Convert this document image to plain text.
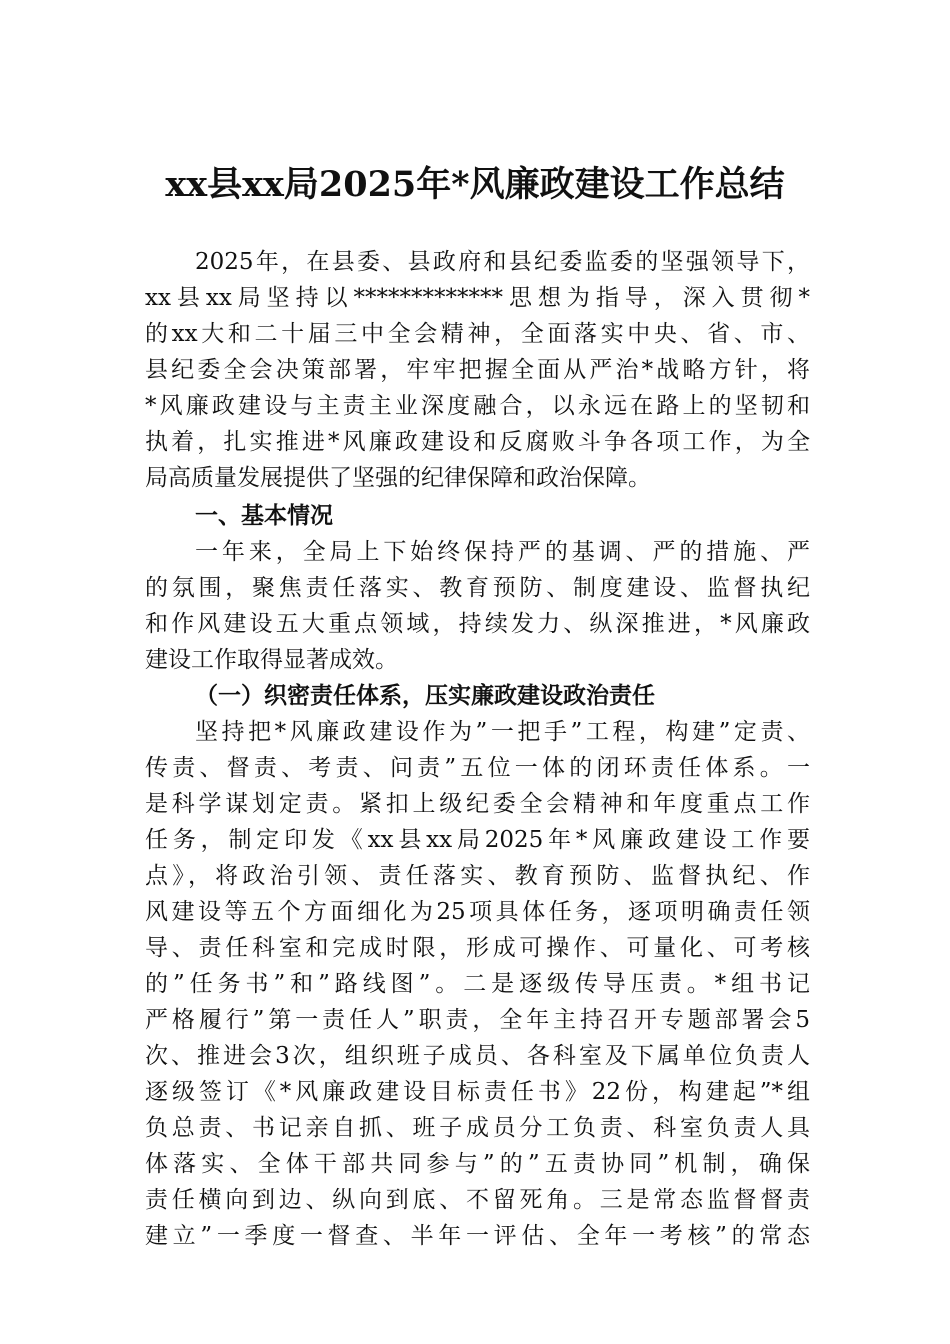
xx县xx局2025年*风廉政建设工作总结
2025年，在县委、县政府和县纪委监委的坚强领导下，
xx县xx局坚持以*************思想为指导，深入贯彻*
的xx大和二十届三中全会精神，全面落实中央、省、市、
县纪委全会决策部署，牢牢把握全面从严治*战略方针，将
*风廉政建设与主责主业深度融合，以永远在路上的坚韧和
执着，扎实推进*风廉政建设和反腐败斗争各项工作，为全
局高质量发展提供了坚强的纪律保障和政治保障。
一、基本情况
一年来，全局上下始终保持严的基调、严的措施、严
的氛围，聚焦责任落实、教育预防、制度建设、监督执纪
和作风建设五大重点领域，持续发力、纵深推进，*风廉政
建设工作取得显著成效。
（一）织密责任体系，压实廉政建设政治责任
坚持把*风廉政建设作为”一把手”工程，构建”定责、
传责、督责、考责、问责”五位一体的闭环责任体系。一
是科学谋划定责。紧扣上级纪委全会精神和年度重点工作
任务，制定印发《xx县xx局2025年*风廉政建设工作要
点》，将政治引领、责任落实、教育预防、监督执纪、作
风建设等五个方面细化为25项具体任务，逐项明确责任领
导、责任科室和完成时限，形成可操作、可量化、可考核
的”任务书”和”路线图”。二是逐级传导压责。*组书记
严格履行”第一责任人”职责，全年主持召开专题部署会5
次、推进会3次，组织班子成员、各科室及下属单位负责人
逐级签订《*风廉政建设目标责任书》22份，构建起”*组
负总责、书记亲自抓、班子成员分工负责、科室负责人具
体落实、全体干部共同参与”的”五责协同”机制，确保
责任横向到边、纵向到底、不留死角。三是常态监督督责
建立”一季度一督查、半年一评估、全年一考核”的常态
